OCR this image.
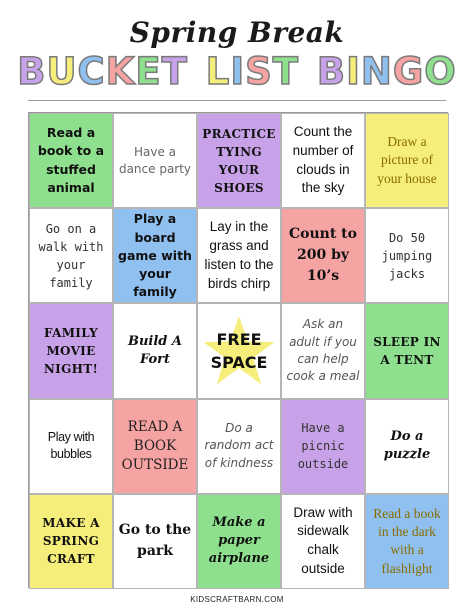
Spring Break
BUCKET LIST BINGO
Read a book to a stuffed animal
Have a dance party
PRACTICE TYING YOUR SHOES
Count the number of clouds in the sky
Draw a picture of your house
Go on a walk with your family
Play a board game with your family
Lay in the grass and listen to the birds chirp
Count to 200 by 10’s
Do 50 jumping jacks
FAMILY MOVIE NIGHT!
Build A Fort
FREE SPACE
Ask an adult if you can help cook a meal
SLEEP IN A TENT
Play with bubbles
READ A BOOK OUTSIDE
Do a random act of kindness
Have a picnic outside
Do a puzzle
MAKE A SPRING CRAFT
Go to the park
Make a paper airplane
Draw with sidewalk chalk outside
Read a book in the dark with a flashlight
KIDSCRAFTBARN.COM
